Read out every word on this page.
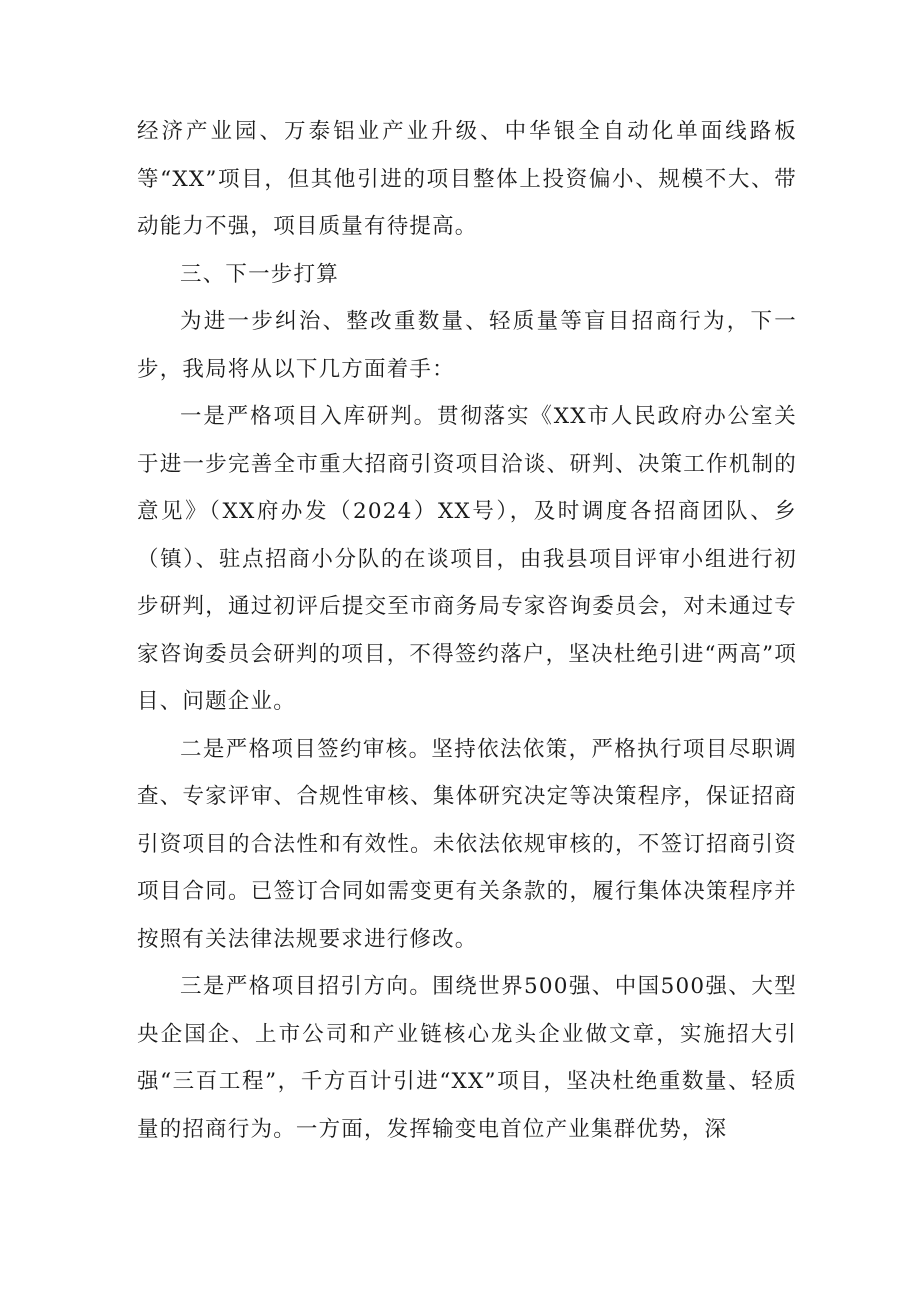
经济产业园、万泰铝业产业升级、中华银全自动化单面线路板等“XX”项目，但其他引进的项目整体上投资偏小、规模不大、带动能力不强，项目质量有待提高。

三、下一步打算

为进一步纠治、整改重数量、轻质量等盲目招商行为，下一步，我局将从以下几方面着手：

一是严格项目入库研判。贯彻落实《XX市人民政府办公室关于进一步完善全市重大招商引资项目洽谈、研判、决策工作机制的意见》（XX府办发（2024）XX号），及时调度各招商团队、乡（镇）、驻点招商小分队的在谈项目，由我县项目评审小组进行初步研判，通过初评后提交至市商务局专家咨询委员会，对未通过专家咨询委员会研判的项目，不得签约落户，坚决杜绝引进“两高”项目、问题企业。

二是严格项目签约审核。坚持依法依策，严格执行项目尽职调查、专家评审、合规性审核、集体研究决定等决策程序，保证招商引资项目的合法性和有效性。未依法依规审核的，不签订招商引资项目合同。已签订合同如需变更有关条款的，履行集体决策程序并按照有关法律法规要求进行修改。

三是严格项目招引方向。围绕世界500强、中国500强、大型央企国企、上市公司和产业链核心龙头企业做文章，实施招大引强“三百工程”，千方百计引进“XX”项目，坚决杜绝重数量、轻质量的招商行为。一方面，发挥输变电首位产业集群优势，深
